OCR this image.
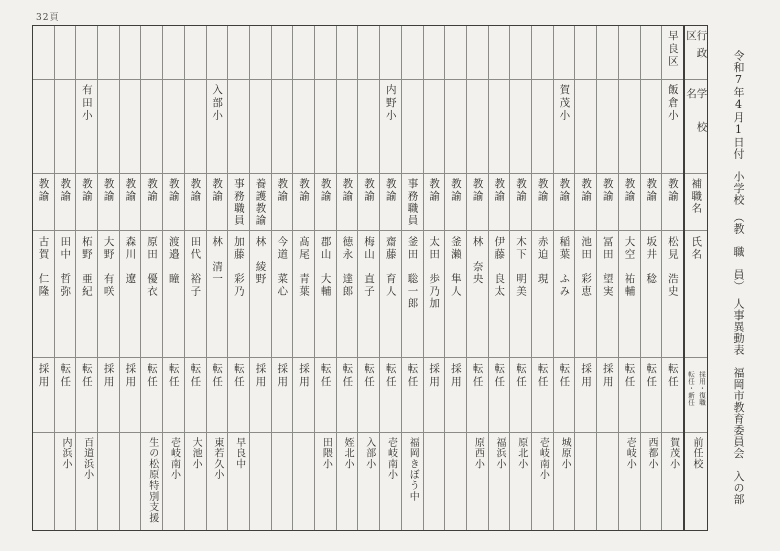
32頁
令和7年4月1日付　小学校　（教　職　員）　人事異動表　福岡市教育委員会　入の部
行政区
学校名
補職名
氏名
採用・復職
転任・新任
前任校
早良区
飯倉小
教諭
松見　浩史
転任
賀茂小
教諭
坂井　稔
転任
西都小
教諭
大空　祐輔
転任
壱岐小
教諭
冨田　望実
採用
教諭
池田　彩恵
採用
賀茂小
教諭
稲葉　ふみ
転任
城原小
教諭
赤迫　現
転任
壱岐南小
教諭
木下　明美
転任
原北小
教諭
伊藤　良太
転任
福浜小
教諭
林　奈央
転任
原西小
教諭
釜瀨　隼人
採用
教諭
太田　歩乃加
採用
事務職員
釜田　聡一郎
転任
福岡きぼう中
内野小
教諭
齋藤　育人
転任
壱岐南小
教諭
梅山　直子
転任
入部小
教諭
徳永　達郎
転任
姪北小
教諭
郡山　大輔
転任
田隈小
教諭
髙尾　青葉
採用
教諭
今道　菜心
採用
養護教諭
林　綾野
採用
事務職員
加藤　彩乃
転任
早良中
入部小
教諭
林　清一
転任
東若久小
教諭
田代　裕子
転任
大池小
教諭
渡邉　瞳
転任
壱岐南小
教諭
原田　優衣
転任
生の松原特別支援
教諭
森川　遼
採用
教諭
大野　有咲
採用
有田小
教諭
柘野　亜紀
転任
百道浜小
教諭
田中　哲弥
転任
内浜小
教諭
古賀　仁隆
採用
